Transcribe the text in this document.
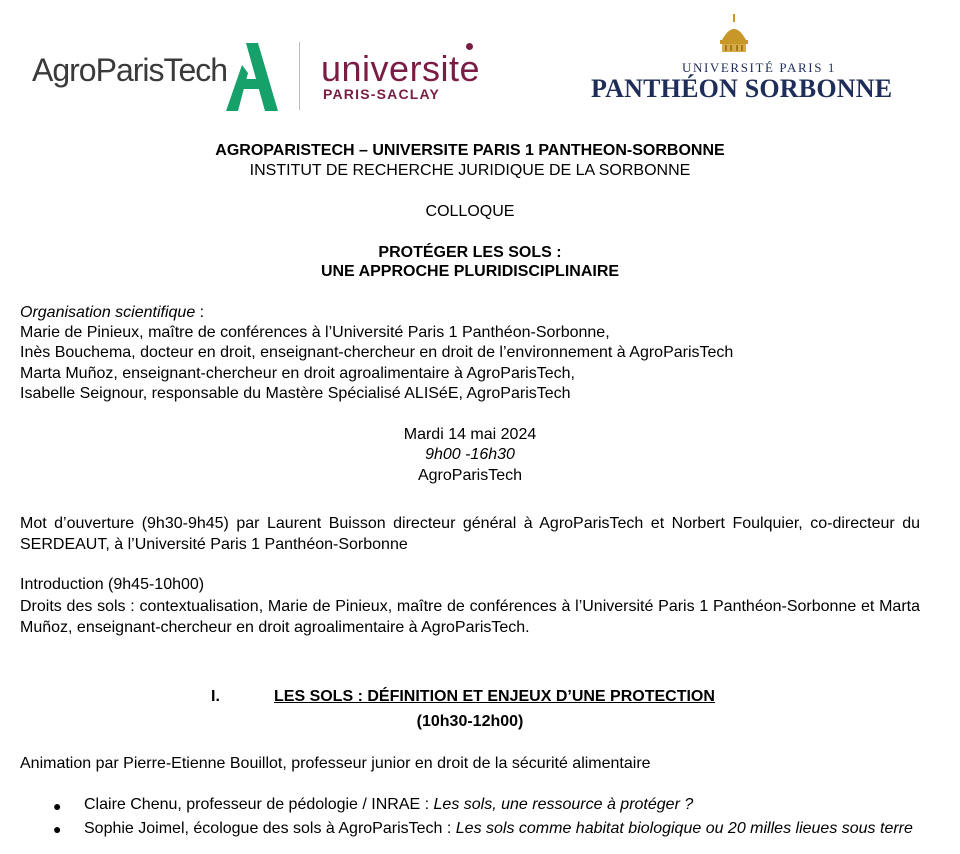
AgroParisTech	universite
PARIS-SACLAY
UNIVERSITÉ PARIS 1
PANTHÉON SORBONNE
AGROPARISTECH – UNIVERSITE PARIS 1 PANTHEON-SORBONNE
INSTITUT DE RECHERCHE JURIDIQUE DE LA SORBONNE
COLLOQUE
PROTÉGER LES SOLS :
UNE APPROCHE PLURIDISCIPLINAIRE
Organisation scientifique :
Marie de Pinieux, maître de conférences à l’Université Paris 1 Panthéon-Sorbonne,
Inès Bouchema, docteur en droit, enseignant-chercheur en droit de l’environnement à AgroParisTech
Marta Muñoz, enseignant-chercheur en droit agroalimentaire à AgroParisTech,
Isabelle Seignour, responsable du Mastère Spécialisé ALISéE, AgroParisTech
Mardi 14 mai 2024
9h00 -16h30
AgroParisTech
Mot d’ouverture (9h30-9h45) par Laurent Buisson directeur général à AgroParisTech et Norbert Foulquier, co-directeur du SERDEAUT, à l’Université Paris 1 Panthéon-Sorbonne
Introduction (9h45-10h00)
Droits des sols : contextualisation, Marie de Pinieux, maître de conférences à l’Université Paris 1 Panthéon-Sorbonne et Marta Muñoz, enseignant-chercheur en droit agroalimentaire à AgroParisTech.
I.	LES SOLS : DÉFINITION ET ENJEUX D’UNE PROTECTION
(10h30-12h00)
Animation par Pierre-Etienne Bouillot, professeur junior en droit de la sécurité alimentaire
● Claire Chenu, professeur de pédologie / INRAE : Les sols, une ressource à protéger ?
● Sophie Joimel, écologue des sols à AgroParisTech : Les sols comme habitat biologique ou 20 milles lieues sous terre
